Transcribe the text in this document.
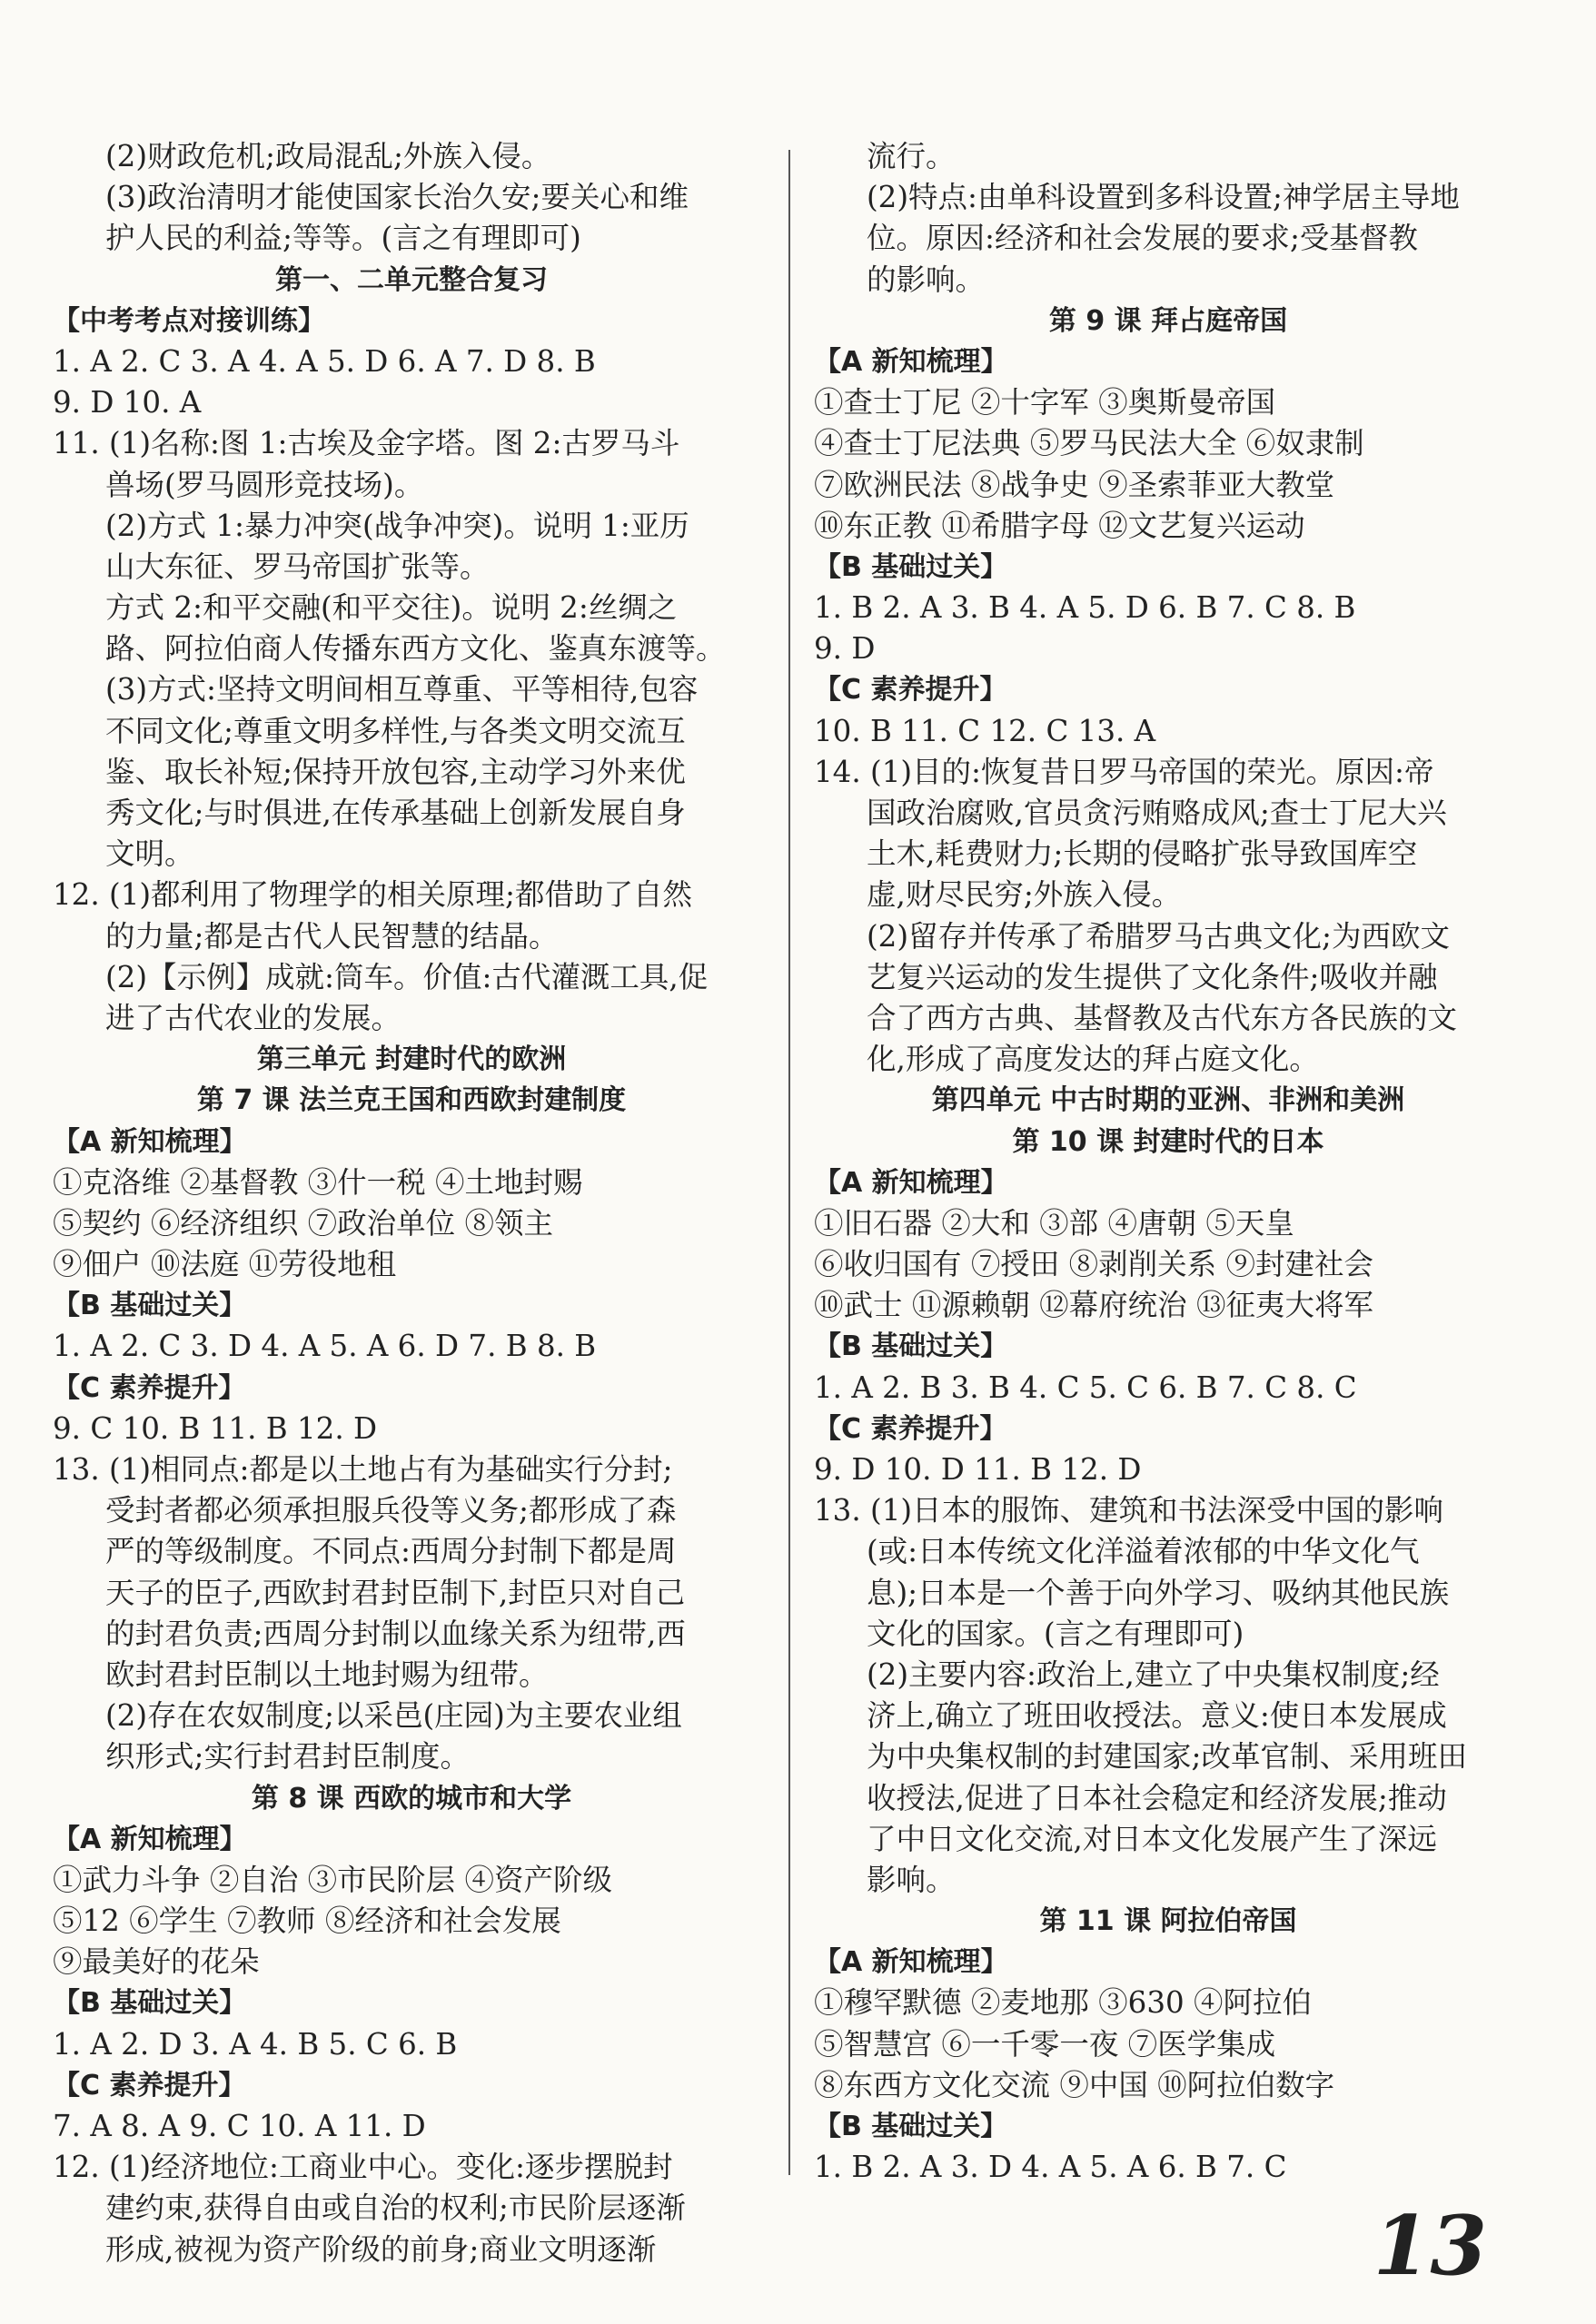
(2)财政危机;政局混乱;外族入侵。
(3)政治清明才能使国家长治久安;要关心和维
护人民的利益;等等。(言之有理即可)
第一、二单元整合复习
【中考考点对接训练】
1. A 2. C 3. A 4. A 5. D 6. A 7. D 8. B
9. D 10. A
11. (1)名称:图 1:古埃及金字塔。图 2:古罗马斗
兽场(罗马圆形竞技场)。
(2)方式 1:暴力冲突(战争冲突)。说明 1:亚历
山大东征、罗马帝国扩张等。
方式 2:和平交融(和平交往)。说明 2:丝绸之
路、阿拉伯商人传播东西方文化、鉴真东渡等。
(3)方式:坚持文明间相互尊重、平等相待,包容
不同文化;尊重文明多样性,与各类文明交流互
鉴、取长补短;保持开放包容,主动学习外来优
秀文化;与时俱进,在传承基础上创新发展自身
文明。
12. (1)都利用了物理学的相关原理;都借助了自然
的力量;都是古代人民智慧的结晶。
(2)【示例】成就:筒车。价值:古代灌溉工具,促
进了古代农业的发展。
第三单元 封建时代的欧洲
第 7 课 法兰克王国和西欧封建制度
【A 新知梳理】
①克洛维 ②基督教 ③什一税 ④土地封赐
⑤契约 ⑥经济组织 ⑦政治单位 ⑧领主
⑨佃户 ⑩法庭 ⑪劳役地租
【B 基础过关】
1. A 2. C 3. D 4. A 5. A 6. D 7. B 8. B
【C 素养提升】
9. C 10. B 11. B 12. D
13. (1)相同点:都是以土地占有为基础实行分封;
受封者都必须承担服兵役等义务;都形成了森
严的等级制度。不同点:西周分封制下都是周
天子的臣子,西欧封君封臣制下,封臣只对自己
的封君负责;西周分封制以血缘关系为纽带,西
欧封君封臣制以土地封赐为纽带。
(2)存在农奴制度;以采邑(庄园)为主要农业组
织形式;实行封君封臣制度。
第 8 课 西欧的城市和大学
【A 新知梳理】
①武力斗争 ②自治 ③市民阶层 ④资产阶级
⑤12 ⑥学生 ⑦教师 ⑧经济和社会发展
⑨最美好的花朵
【B 基础过关】
1. A 2. D 3. A 4. B 5. C 6. B
【C 素养提升】
7. A 8. A 9. C 10. A 11. D
12. (1)经济地位:工商业中心。变化:逐步摆脱封
建约束,获得自由或自治的权利;市民阶层逐渐
形成,被视为资产阶级的前身;商业文明逐渐
流行。
(2)特点:由单科设置到多科设置;神学居主导地
位。原因:经济和社会发展的要求;受基督教
的影响。
第 9 课 拜占庭帝国
【A 新知梳理】
①查士丁尼 ②十字军 ③奥斯曼帝国
④查士丁尼法典 ⑤罗马民法大全 ⑥奴隶制
⑦欧洲民法 ⑧战争史 ⑨圣索菲亚大教堂
⑩东正教 ⑪希腊字母 ⑫文艺复兴运动
【B 基础过关】
1. B 2. A 3. B 4. A 5. D 6. B 7. C 8. B
9. D
【C 素养提升】
10. B 11. C 12. C 13. A
14. (1)目的:恢复昔日罗马帝国的荣光。原因:帝
国政治腐败,官员贪污贿赂成风;查士丁尼大兴
土木,耗费财力;长期的侵略扩张导致国库空
虚,财尽民穷;外族入侵。
(2)留存并传承了希腊罗马古典文化;为西欧文
艺复兴运动的发生提供了文化条件;吸收并融
合了西方古典、基督教及古代东方各民族的文
化,形成了高度发达的拜占庭文化。
第四单元 中古时期的亚洲、非洲和美洲
第 10 课 封建时代的日本
【A 新知梳理】
①旧石器 ②大和 ③部 ④唐朝 ⑤天皇
⑥收归国有 ⑦授田 ⑧剥削关系 ⑨封建社会
⑩武士 ⑪源赖朝 ⑫幕府统治 ⑬征夷大将军
【B 基础过关】
1. A 2. B 3. B 4. C 5. C 6. B 7. C 8. C
【C 素养提升】
9. D 10. D 11. B 12. D
13. (1)日本的服饰、建筑和书法深受中国的影响
(或:日本传统文化洋溢着浓郁的中华文化气
息);日本是一个善于向外学习、吸纳其他民族
文化的国家。(言之有理即可)
(2)主要内容:政治上,建立了中央集权制度;经
济上,确立了班田收授法。意义:使日本发展成
为中央集权制的封建国家;改革官制、采用班田
收授法,促进了日本社会稳定和经济发展;推动
了中日文化交流,对日本文化发展产生了深远
影响。
第 11 课 阿拉伯帝国
【A 新知梳理】
①穆罕默德 ②麦地那 ③630 ④阿拉伯
⑤智慧宫 ⑥一千零一夜 ⑦医学集成
⑧东西方文化交流 ⑨中国 ⑩阿拉伯数字
【B 基础过关】
1. B 2. A 3. D 4. A 5. A 6. B 7. C
13
